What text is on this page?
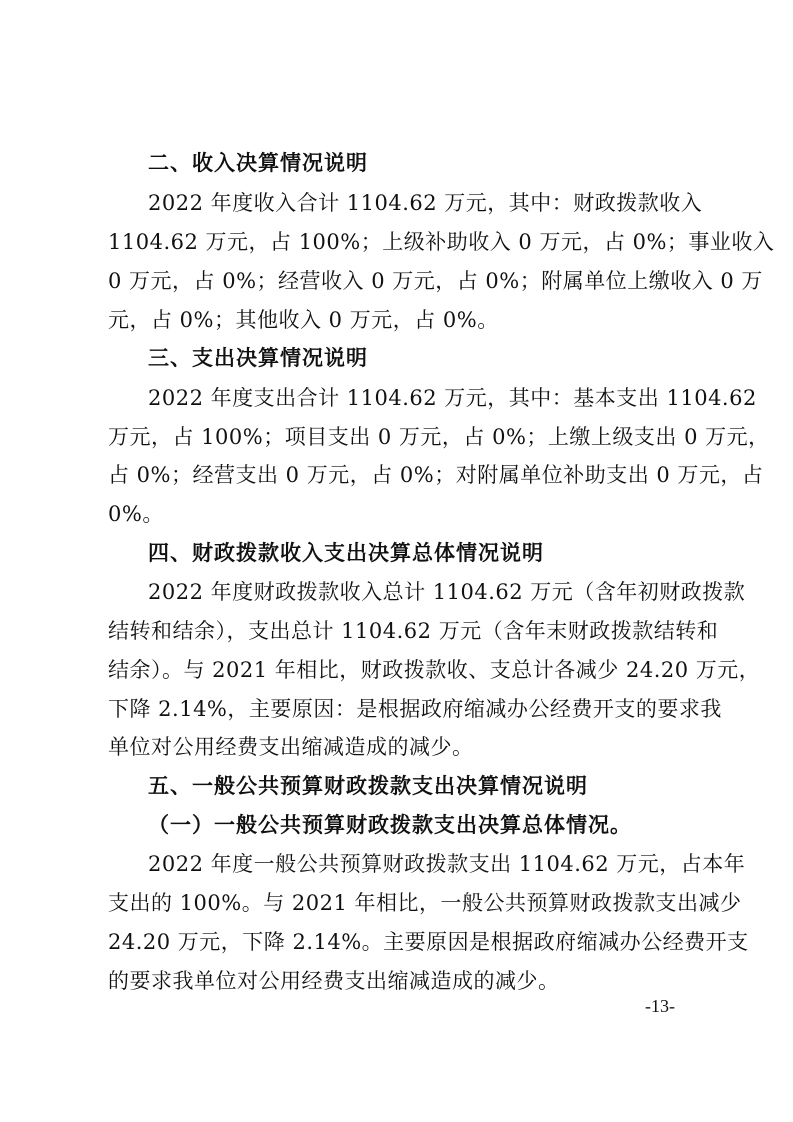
二、收入决算情况说明
2022 年度收入合计 1104.62 万元，其中：财政拨款收入
1104.62 万元，占 100%；上级补助收入 0 万元，占 0%；事业收入
0 万元，占 0%；经营收入 0 万元，占 0%；附属单位上缴收入 0 万
元，占 0%；其他收入 0 万元，占 0%。
三、支出决算情况说明
2022 年度支出合计 1104.62 万元，其中：基本支出 1104.62
万元，占 100%；项目支出 0 万元，占 0%；上缴上级支出 0 万元，
占 0%；经营支出 0 万元，占 0%；对附属单位补助支出 0 万元，占
0%。
四、财政拨款收入支出决算总体情况说明
2022 年度财政拨款收入总计 1104.62 万元（含年初财政拨款
结转和结余），支出总计 1104.62 万元（含年末财政拨款结转和
结余）。与 2021 年相比，财政拨款收、支总计各减少 24.20 万元，
下降 2.14%，主要原因：是根据政府缩减办公经费开支的要求我
单位对公用经费支出缩减造成的减少。
五、一般公共预算财政拨款支出决算情况说明
（一）一般公共预算财政拨款支出决算总体情况。
2022 年度一般公共预算财政拨款支出 1104.62 万元，占本年
支出的 100%。与 2021 年相比，一般公共预算财政拨款支出减少
24.20 万元，下降 2.14%。主要原因是根据政府缩减办公经费开支
的要求我单位对公用经费支出缩减造成的减少。
-13-
